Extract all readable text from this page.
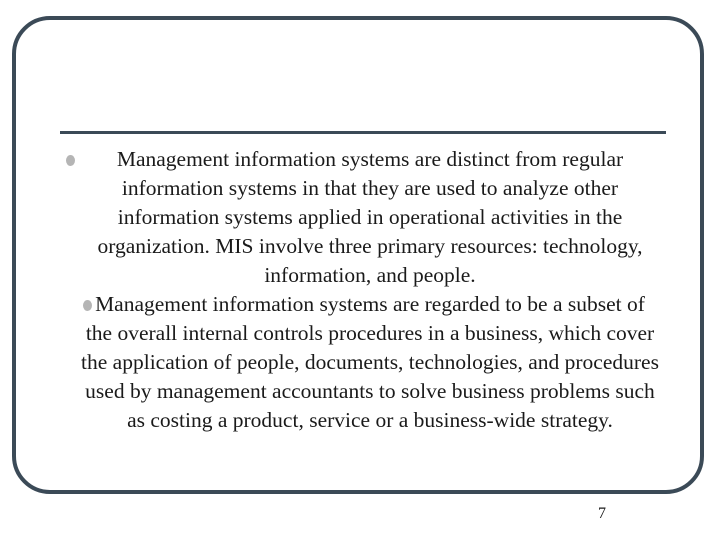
Management information systems are distinct from regular information systems in that they are used to analyze other information systems applied in operational activities in the organization. MIS involve three primary resources: technology, information, and people.

Management information systems are regarded to be a subset of the overall internal controls procedures in a business, which cover the application of people, documents, technologies, and procedures used by management accountants to solve business problems such as costing a product, service or a business-wide strategy.

7
